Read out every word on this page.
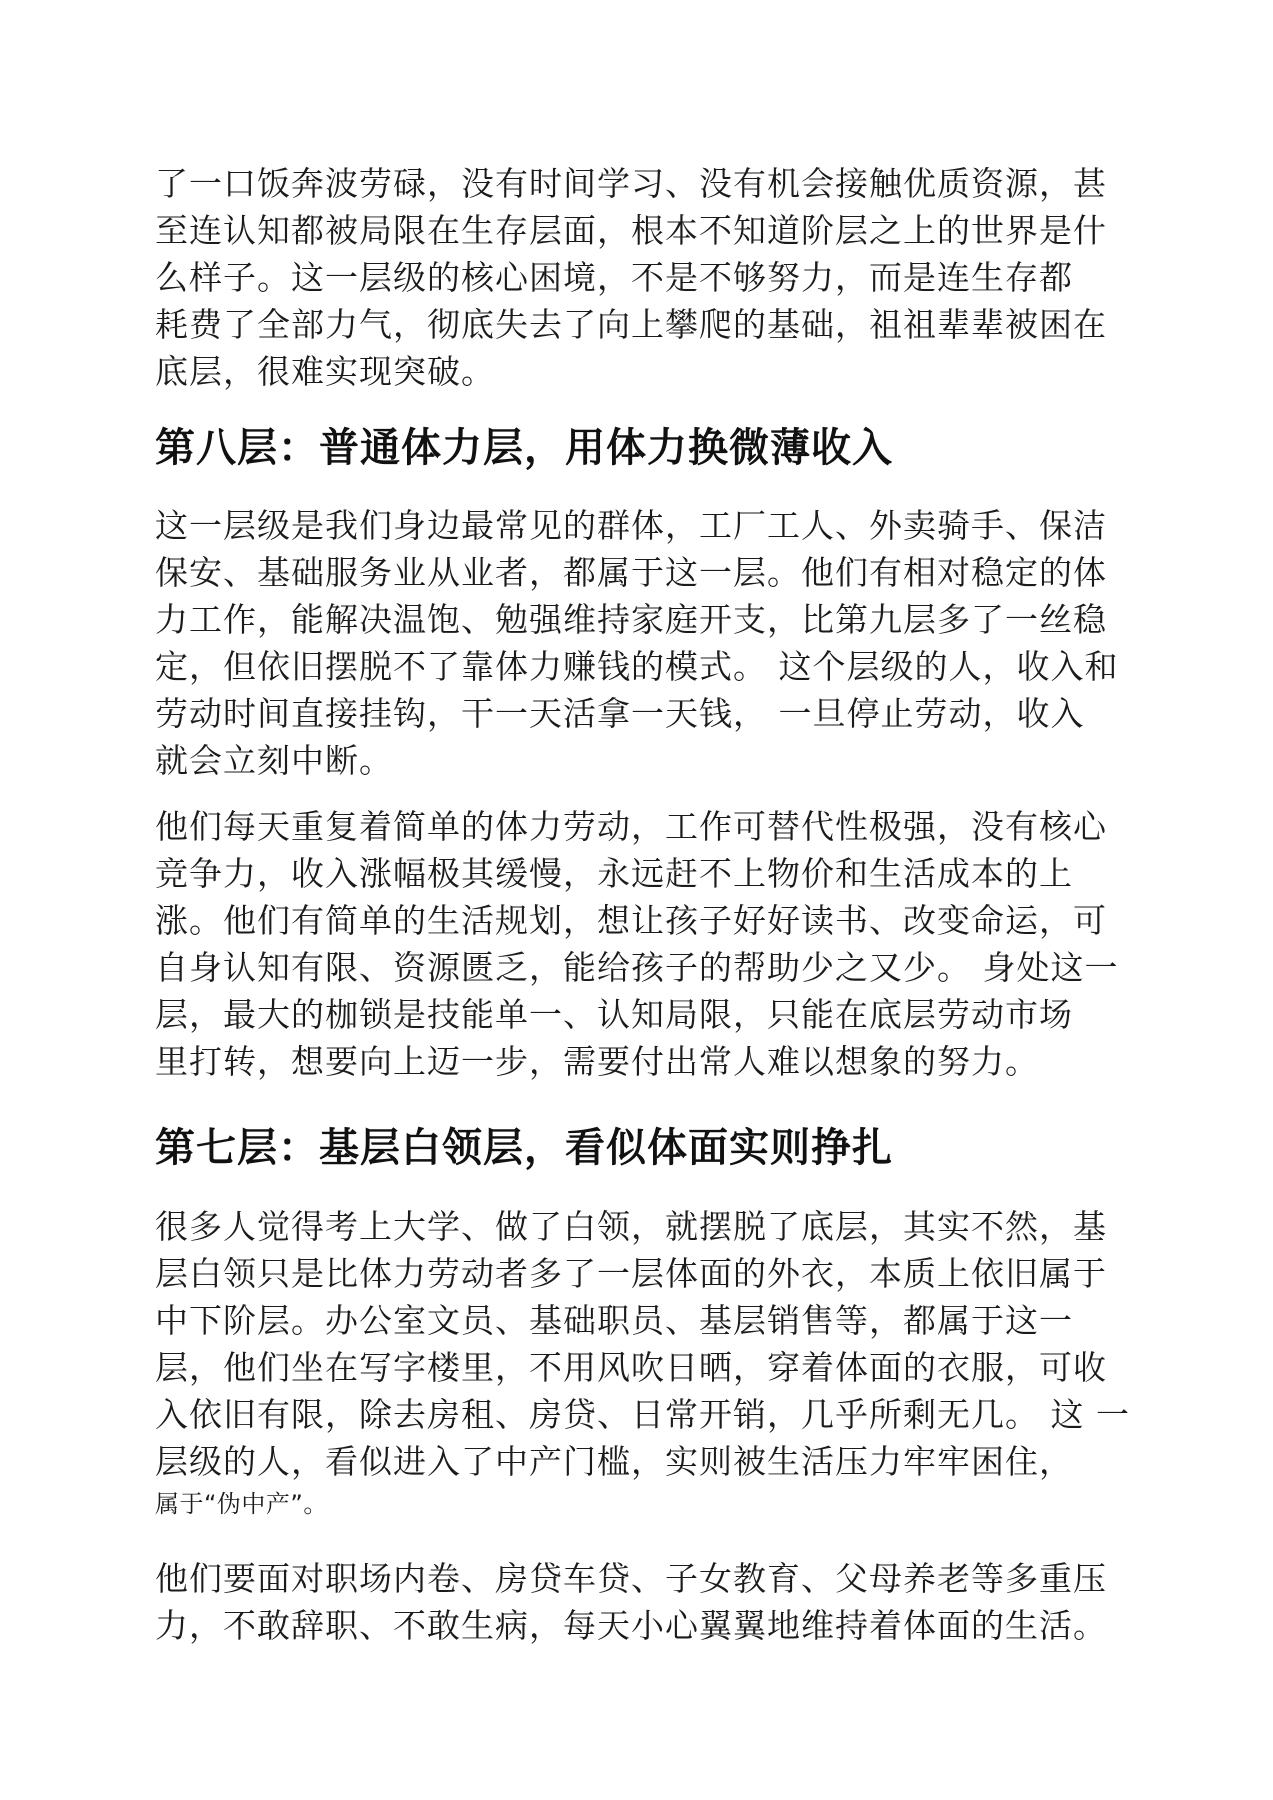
了一口饭奔波劳碌，没有时间学习、没有机会接触优质资源，甚
至连认知都被局限在生存层面，根本不知道阶层之上的世界是什
么样子。这一层级的核心困境，不是不够努力，而是连生存都
耗费了全部力气，彻底失去了向上攀爬的基础，祖祖辈辈被困在
底层，很难实现突破。
第八层：普通体力层，用体力换微薄收入
这一层级是我们身边最常见的群体，工厂工人、外卖骑手、保洁
保安、基础服务业从业者，都属于这一层。他们有相对稳定的体
力工作，能解决温饱、勉强维持家庭开支，比第九层多了一丝稳
定，但依旧摆脱不了靠体力赚钱的模式。 这个层级的人，收入和
劳动时间直接挂钩，干一天活拿一天钱， 一旦停止劳动，收入
就会立刻中断。
他们每天重复着简单的体力劳动，工作可替代性极强，没有核心
竞争力，收入涨幅极其缓慢，永远赶不上物价和生活成本的上
涨。他们有简单的生活规划，想让孩子好好读书、改变命运，可
自身认知有限、资源匮乏，能给孩子的帮助少之又少。 身处这一
层，最大的枷锁是技能单一、认知局限，只能在底层劳动市场
里打转，想要向上迈一步，需要付出常人难以想象的努力。
第七层：基层白领层，看似体面实则挣扎
很多人觉得考上大学、做了白领，就摆脱了底层，其实不然，基
层白领只是比体力劳动者多了一层体面的外衣，本质上依旧属于
中下阶层。办公室文员、基础职员、基层销售等，都属于这一
层，他们坐在写字楼里，不用风吹日晒，穿着体面的衣服，可收
入依旧有限，除去房租、房贷、日常开销，几乎所剩无几。 这 一
层级的人，看似进入了中产门槛，实则被生活压力牢牢困住，
属于“伪中产”。
他们要面对职场内卷、房贷车贷、子女教育、父母养老等多重压
力，不敢辞职、不敢生病，每天小心翼翼地维持着体面的生活。
